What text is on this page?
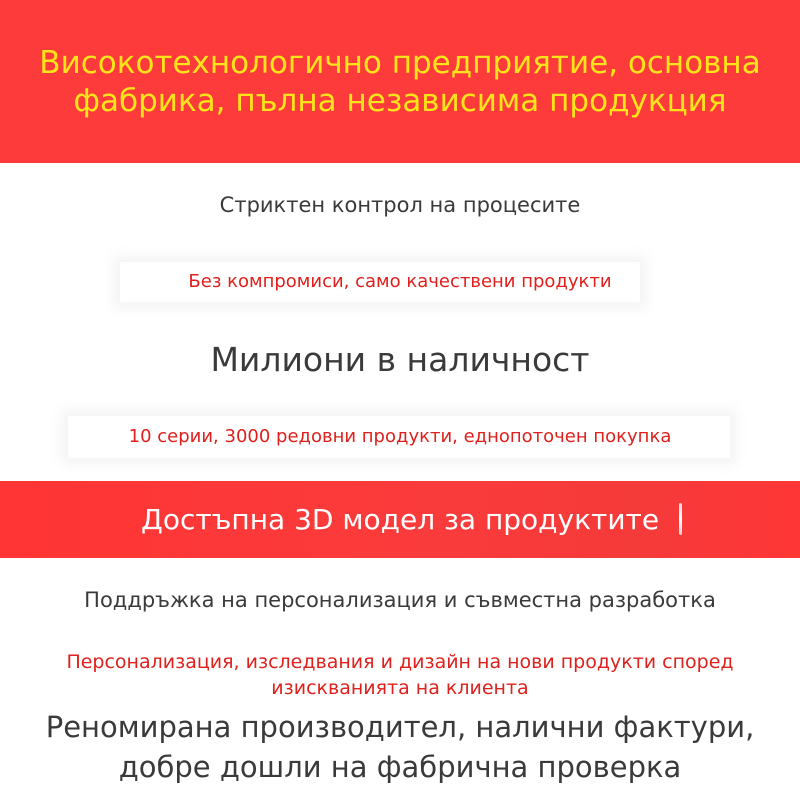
Високотехнологично предприятие, основна
фабрика, пълна независима продукция
Стриктен контрол на процесите
Без компромиси, само качествени продукти
Милиони в наличност
10 серии, 3000 редовни продукти, еднопоточен покупка
Достъпна 3D модел за продуктите
Поддръжка на персонализация и съвместна разработка
Персонализация, изследвания и дизайн на нови продукти според
изискванията на клиента
Реномирана производител, налични фактури,
добре дошли на фабрична проверка
